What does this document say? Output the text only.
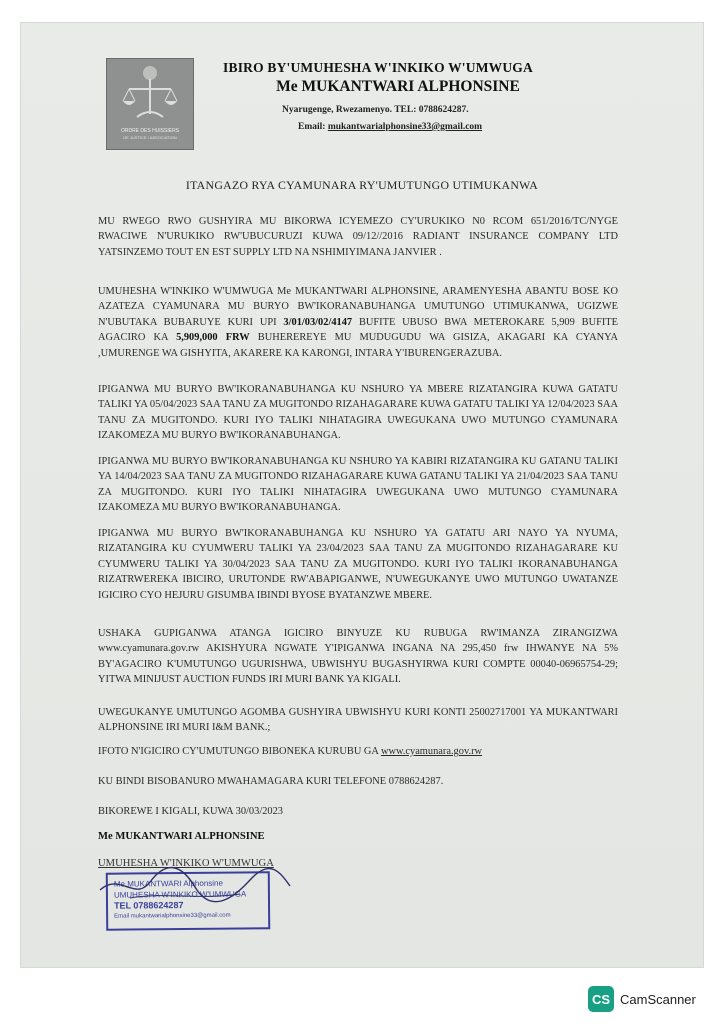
ORDRE DES HUISSIERS
DE JUSTICE / ASSOCIATION
IBIRO BY'UMUHESHA W'INKIKO W'UMWUGA
Me MUKANTWARI ALPHONSINE
Nyarugenge, Rwezamenyo. TEL: 0788624287.
Email: mukantwarialphonsine33@gmail.com
ITANGAZO RYA CYAMUNARA RY'UMUTUNGO UTIMUKANWA
MU RWEGO RWO GUSHYIRA MU BIKORWA ICYEMEZO CY'URUKIKO N0 RCOM 651/2016/TC/NYGE RWACIWE N'URUKIKO RW'UBUCURUZI KUWA 09/12//2016 RADIANT INSURANCE COMPANY LTD YATSINZEMO TOUT EN EST SUPPLY LTD NA NSHIMIYIMANA JANVIER .
UMUHESHA W'INKIKO W'UMWUGA Me MUKANTWARI ALPHONSINE, ARAMENYESHA ABANTU BOSE KO AZATEZA CYAMUNARA MU BURYO BW'IKORANABUHANGA UMUTUNGO UTIMUKANWA, UGIZWE N'UBUTAKA BUBARUYE KURI UPI 3/01/03/02/4147 BUFITE UBUSO BWA METEROKARE 5,909 BUFITE AGACIRO KA 5,909,000 FRW BUHEREREYE MU MUDUGUDU WA GISIZA, AKAGARI KA CYANYA ,UMURENGE WA GISHYITA, AKARERE KA KARONGI, INTARA Y'IBURENGERAZUBA.
IPIGANWA MU BURYO BW'IKORANABUHANGA KU NSHURO YA MBERE RIZATANGIRA KUWA GATATU TALIKI YA 05/04/2023 SAA TANU ZA MUGITONDO RIZAHAGARARE KUWA GATATU TALIKI YA 12/04/2023 SAA TANU ZA MUGITONDO. KURI IYO TALIKI NIHATAGIRA UWEGUKANA UWO MUTUNGO CYAMUNARA IZAKOMEZA MU BURYO BW'IKORANABUHANGA.
IPIGANWA MU BURYO BW'IKORANABUHANGA KU NSHURO YA KABIRI RIZATANGIRA KU GATANU TALIKI YA 14/04/2023 SAA TANU ZA MUGITONDO RIZAHAGARARE KUWA GATANU TALIKI YA 21/04/2023 SAA TANU ZA MUGITONDO. KURI IYO TALIKI NIHATAGIRA UWEGUKANA UWO MUTUNGO CYAMUNARA IZAKOMEZA MU BURYO BW'IKORANABUHANGA.
IPIGANWA MU BURYO BW'IKORANABUHANGA KU NSHURO YA GATATU ARI NAYO YA NYUMA, RIZATANGIRA KU CYUMWERU TALIKI YA 23/04/2023 SAA TANU ZA MUGITONDO RIZAHAGARARE KU CYUMWERU TALIKI YA 30/04/2023 SAA TANU ZA MUGITONDO. KURI IYO TALIKI IKORANABUHANGA RIZATRWEREKA IBICIRO, URUTONDE RW'ABAPIGANWE, N'UWEGUKANYE UWO MUTUNGO UWATANZE IGICIRO CYO HEJURU GISUMBA IBINDI BYOSE BYATANZWE MBERE.
USHAKA GUPIGANWA ATANGA IGICIRO BINYUZE KU RUBUGA RW'IMANZA ZIRANGIZWA www.cyamunara.gov.rw AKISHYURA NGWATE Y'IPIGANWA INGANA NA 295,450 frw IHWANYE NA 5% BY'AGACIRO K'UMUTUNGO UGURISHWA, UBWISHYU BUGASHYIRWA KURI COMPTE 00040-06965754-29; YITWA MINIJUST AUCTION FUNDS IRI MURI BANK YA KIGALI.
UWEGUKANYE UMUTUNGO AGOMBA GUSHYIRA UBWISHYU KURI KONTI 25002717001 YA MUKANTWARI ALPHONSINE IRI MURI I&M BANK.;
IFOTO N'IGICIRO CY'UMUTUNGO BIBONEKA KURUBU GA www.cyamunara.gov.rw
KU BINDI BISOBANURO MWAHAMAGARA KURI TELEFONE 0788624287.
BIKOREWE I KIGALI, KUWA 30/03/2023
Me MUKANTWARI ALPHONSINE
UMUHESHA W'INKIKO W'UMWUGA
Me MUKANTWARI Alphonsine
UMUHESHA W'INKIKO W'UMWUGA
TEL 0788624287
Email mukantwarialphonsine33@gmail.com
CS CamScanner
